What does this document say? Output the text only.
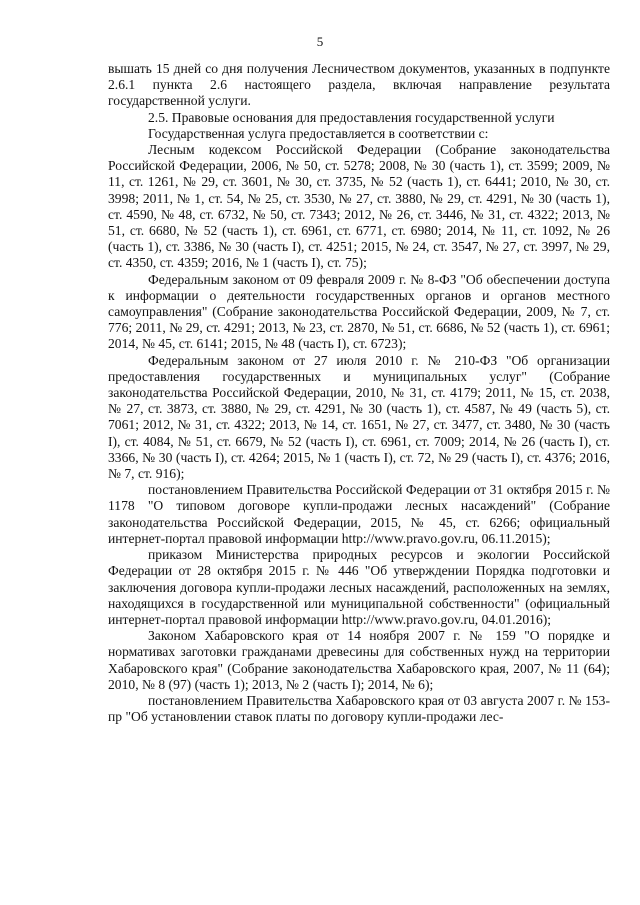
5

вышать 15 дней со дня получения Лесничеством документов, указанных в подпункте 2.6.1 пункта 2.6 настоящего раздела, включая направление результата государственной услуги.

2.5. Правовые основания для предоставления государственной услуги

Государственная услуга предоставляется в соответствии с:

Лесным кодексом Российской Федерации (Собрание законодательства Российской Федерации, 2006, № 50, ст. 5278; 2008, № 30 (часть 1), ст. 3599; 2009, № 11, ст. 1261, № 29, ст. 3601, № 30, ст. 3735, № 52 (часть 1), ст. 6441; 2010, № 30, ст. 3998; 2011, № 1, ст. 54, № 25, ст. 3530, № 27, ст. 3880, № 29, ст. 4291, № 30 (часть 1), ст. 4590, № 48, ст. 6732, № 50, ст. 7343; 2012, № 26, ст. 3446, № 31, ст. 4322; 2013, № 51, ст. 6680, № 52 (часть 1), ст. 6961, ст. 6771, ст. 6980; 2014, № 11, ст. 1092, № 26 (часть 1), ст. 3386, № 30 (часть I), ст. 4251; 2015, № 24, ст. 3547, № 27, ст. 3997, № 29, ст. 4350, ст. 4359; 2016, № 1 (часть I), ст. 75);

Федеральным законом от 09 февраля 2009 г. № 8-ФЗ "Об обеспечении доступа к информации о деятельности государственных органов и органов местного самоуправления" (Собрание законодательства Российской Федерации, 2009, № 7, ст. 776; 2011, № 29, ст. 4291; 2013, № 23, ст. 2870, № 51, ст. 6686, № 52 (часть 1), ст. 6961; 2014, № 45, ст. 6141; 2015, № 48 (часть I), ст. 6723);

Федеральным законом от 27 июля 2010 г. № 210-ФЗ "Об организации предоставления государственных и муниципальных услуг" (Собрание законодательства Российской Федерации, 2010, № 31, ст. 4179; 2011, № 15, ст. 2038, № 27, ст. 3873, ст. 3880, № 29, ст. 4291, № 30 (часть 1), ст. 4587, № 49 (часть 5), ст. 7061; 2012, № 31, ст. 4322; 2013, № 14, ст. 1651, № 27, ст. 3477, ст. 3480, № 30 (часть I), ст. 4084, № 51, ст. 6679, № 52 (часть I), ст. 6961, ст. 7009; 2014, № 26 (часть I), ст. 3366, № 30 (часть I), ст. 4264; 2015, № 1 (часть I), ст. 72, № 29 (часть I), ст. 4376; 2016, № 7, ст. 916);

постановлением Правительства Российской Федерации от 31 октября 2015 г. № 1178 "О типовом договоре купли-продажи лесных насаждений" (Собрание законодательства Российской Федерации, 2015, № 45, ст. 6266; официальный интернет-портал правовой информации http://www.pravo.gov.ru, 06.11.2015);

приказом Министерства природных ресурсов и экологии Российской Федерации от 28 октября 2015 г. № 446 "Об утверждении Порядка подготовки и заключения договора купли-продажи лесных насаждений, расположенных на землях, находящихся в государственной или муниципальной собственности" (официальный интернет-портал правовой информации http://www.pravo.gov.ru, 04.01.2016);

Законом Хабаровского края от 14 ноября 2007 г. № 159 "О порядке и нормативах заготовки гражданами древесины для собственных нужд на территории Хабаровского края" (Собрание законодательства Хабаровского края, 2007, № 11 (64); 2010, № 8 (97) (часть 1); 2013, № 2 (часть I); 2014, № 6);

постановлением Правительства Хабаровского края от 03 августа 2007 г. № 153-пр "Об установлении ставок платы по договору купли-продажи лес-
